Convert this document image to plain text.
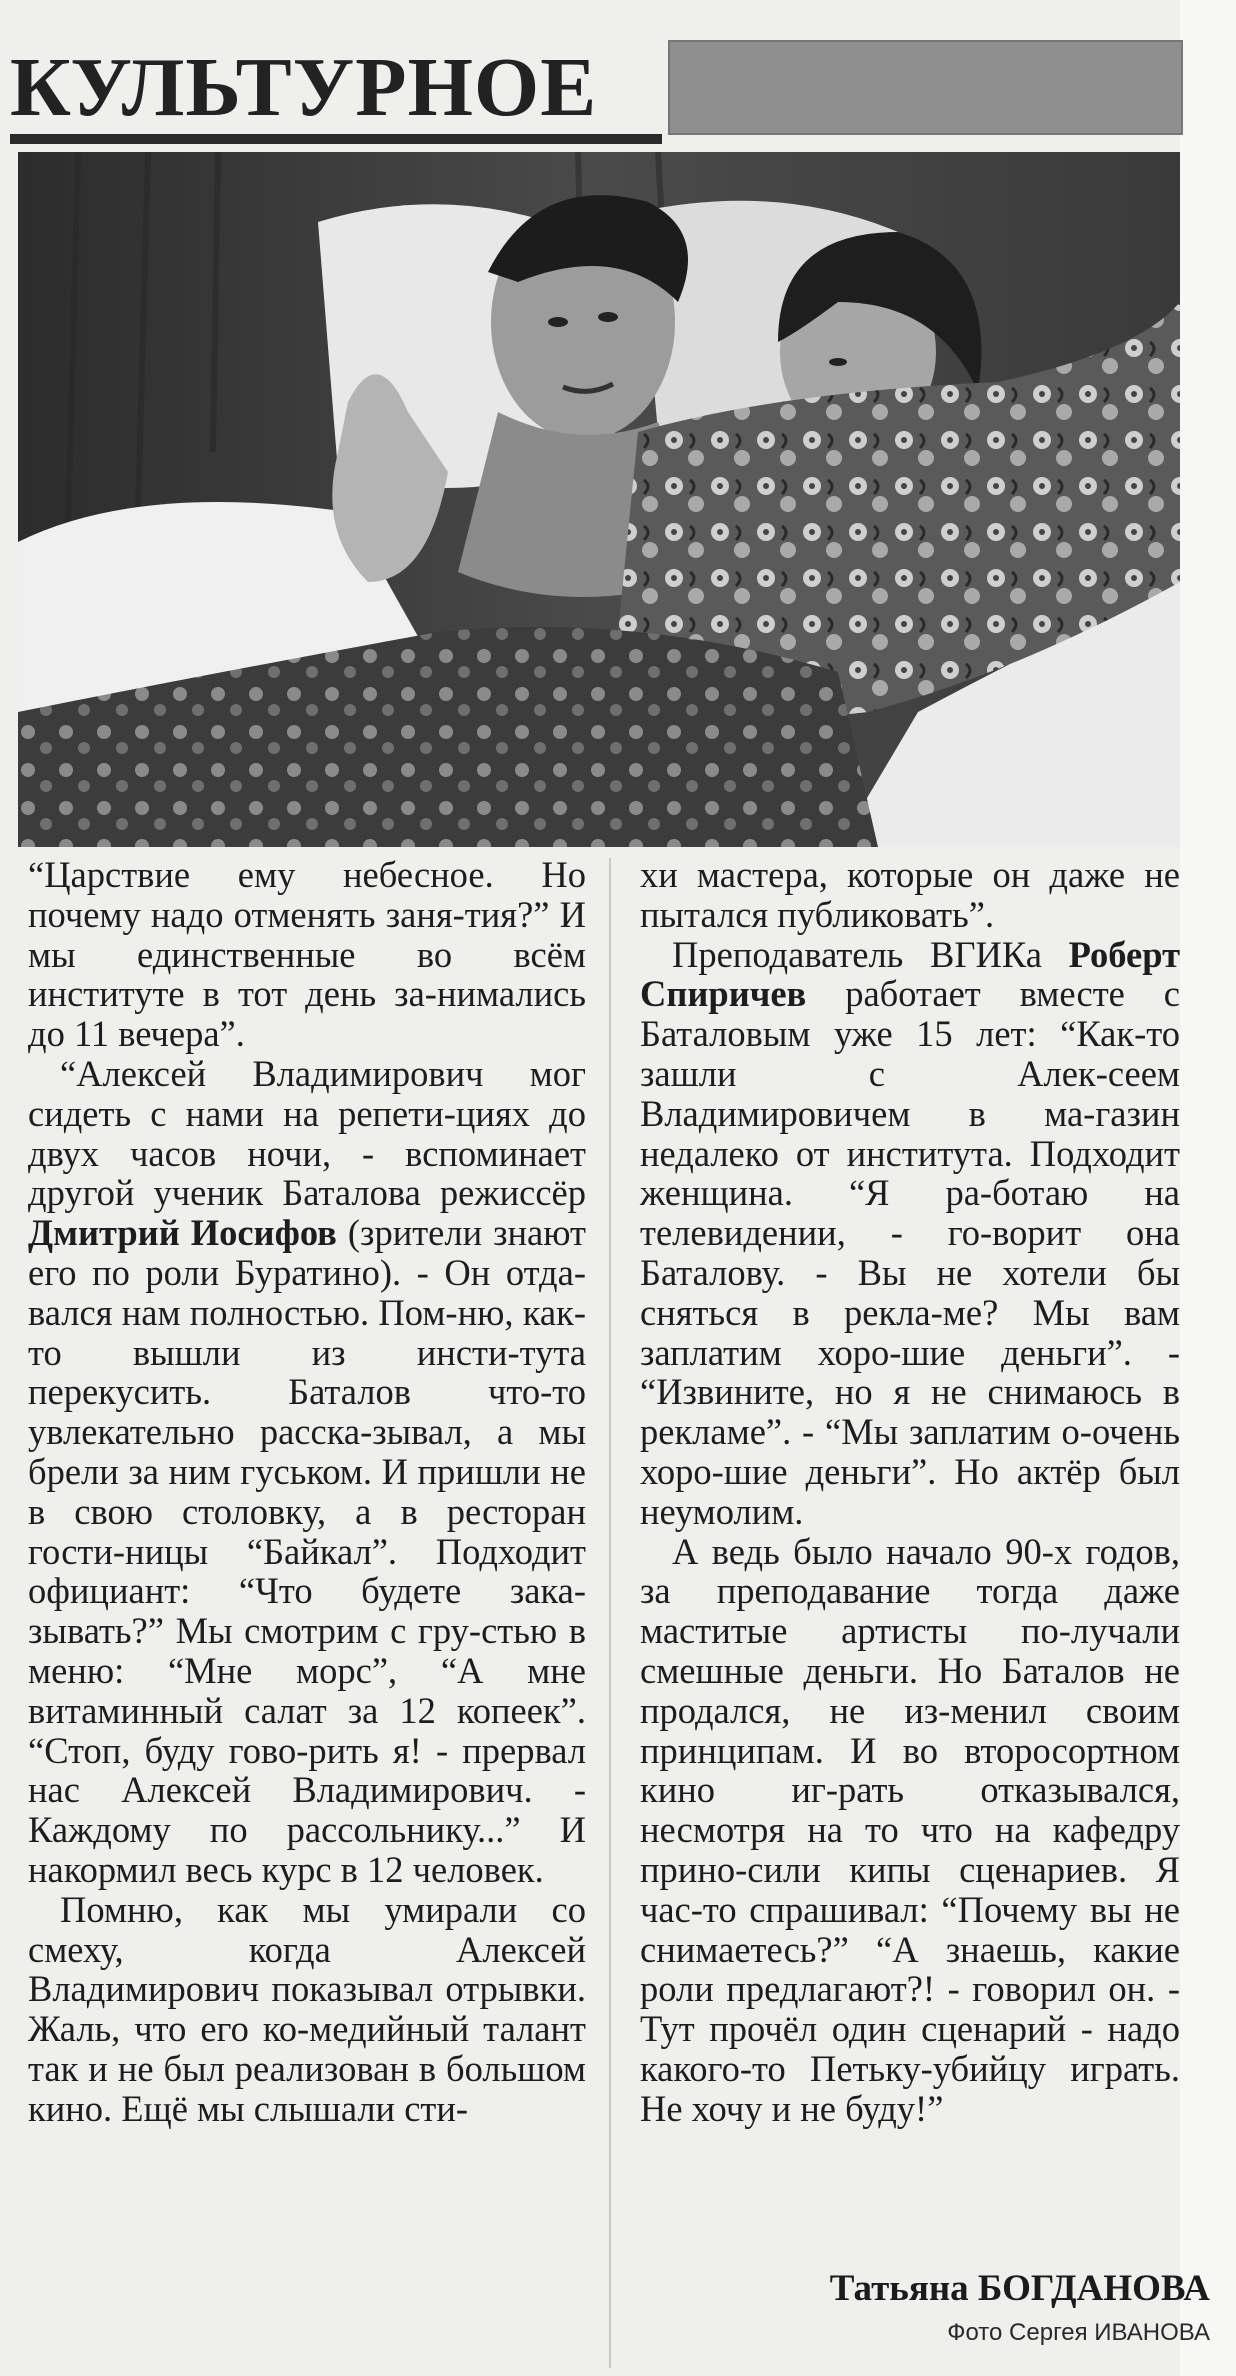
КУЛЬТУРНОЕ

“Царствие ему небесное. Но почему надо отменять заня-тия?” И мы единственные во всём институте в тот день за-нимались до 11 вечера”.

“Алексей Владимирович мог сидеть с нами на репети-циях до двух часов ночи, - вспоминает другой ученик Баталова режиссёр Дмитрий Иосифов (зрители знают его по роли Буратино). - Он отда-вался нам полностью. Пом-ню, как-то вышли из инсти-тута перекусить. Баталов что-то увлекательно расска-зывал, а мы брели за ним гуськом. И пришли не в свою столовку, а в ресторан гости-ницы “Байкал”. Подходит официант: “Что будете зака-зывать?” Мы смотрим с гру-стью в меню: “Мне морс”, “А мне витаминный салат за 12 копеек”. “Стоп, буду гово-рить я! - прервал нас Алексей Владимирович. - Каждому по рассольнику...” И накормил весь курс в 12 человек.

Помню, как мы умирали со смеху, когда Алексей Владимирович показывал отрывки. Жаль, что его ко-медийный талант так и не был реализован в большом кино. Ещё мы слышали сти-

хи мастера, которые он даже не пытался публиковать”.

Преподаватель ВГИКа Роберт Спиричев работает вместе с Баталовым уже 15 лет: “Как-то зашли с Алек-сеем Владимировичем в ма-газин недалеко от института. Подходит женщина. “Я ра-ботаю на телевидении, - го-ворит она Баталову. - Вы не хотели бы сняться в рекла-ме? Мы вам заплатим хоро-шие деньги”. - “Извините, но я не снимаюсь в рекламе”. - “Мы заплатим о-очень хоро-шие деньги”. Но актёр был неумолим.

А ведь было начало 90-х годов, за преподавание тогда даже маститые артисты по-лучали смешные деньги. Но Баталов не продался, не из-менил своим принципам. И во второсортном кино иг-рать отказывался, несмотря на то что на кафедру прино-сили кипы сценариев. Я час-то спрашивал: “Почему вы не снимаетесь?” “А знаешь, какие роли предлагают?! - говорил он. - Тут прочёл один сценарий - надо какого-то Петьку-убийцу играть. Не хочу и не буду!”

Татьяна БОГДАНОВА
Фото Сергея ИВАНОВА
